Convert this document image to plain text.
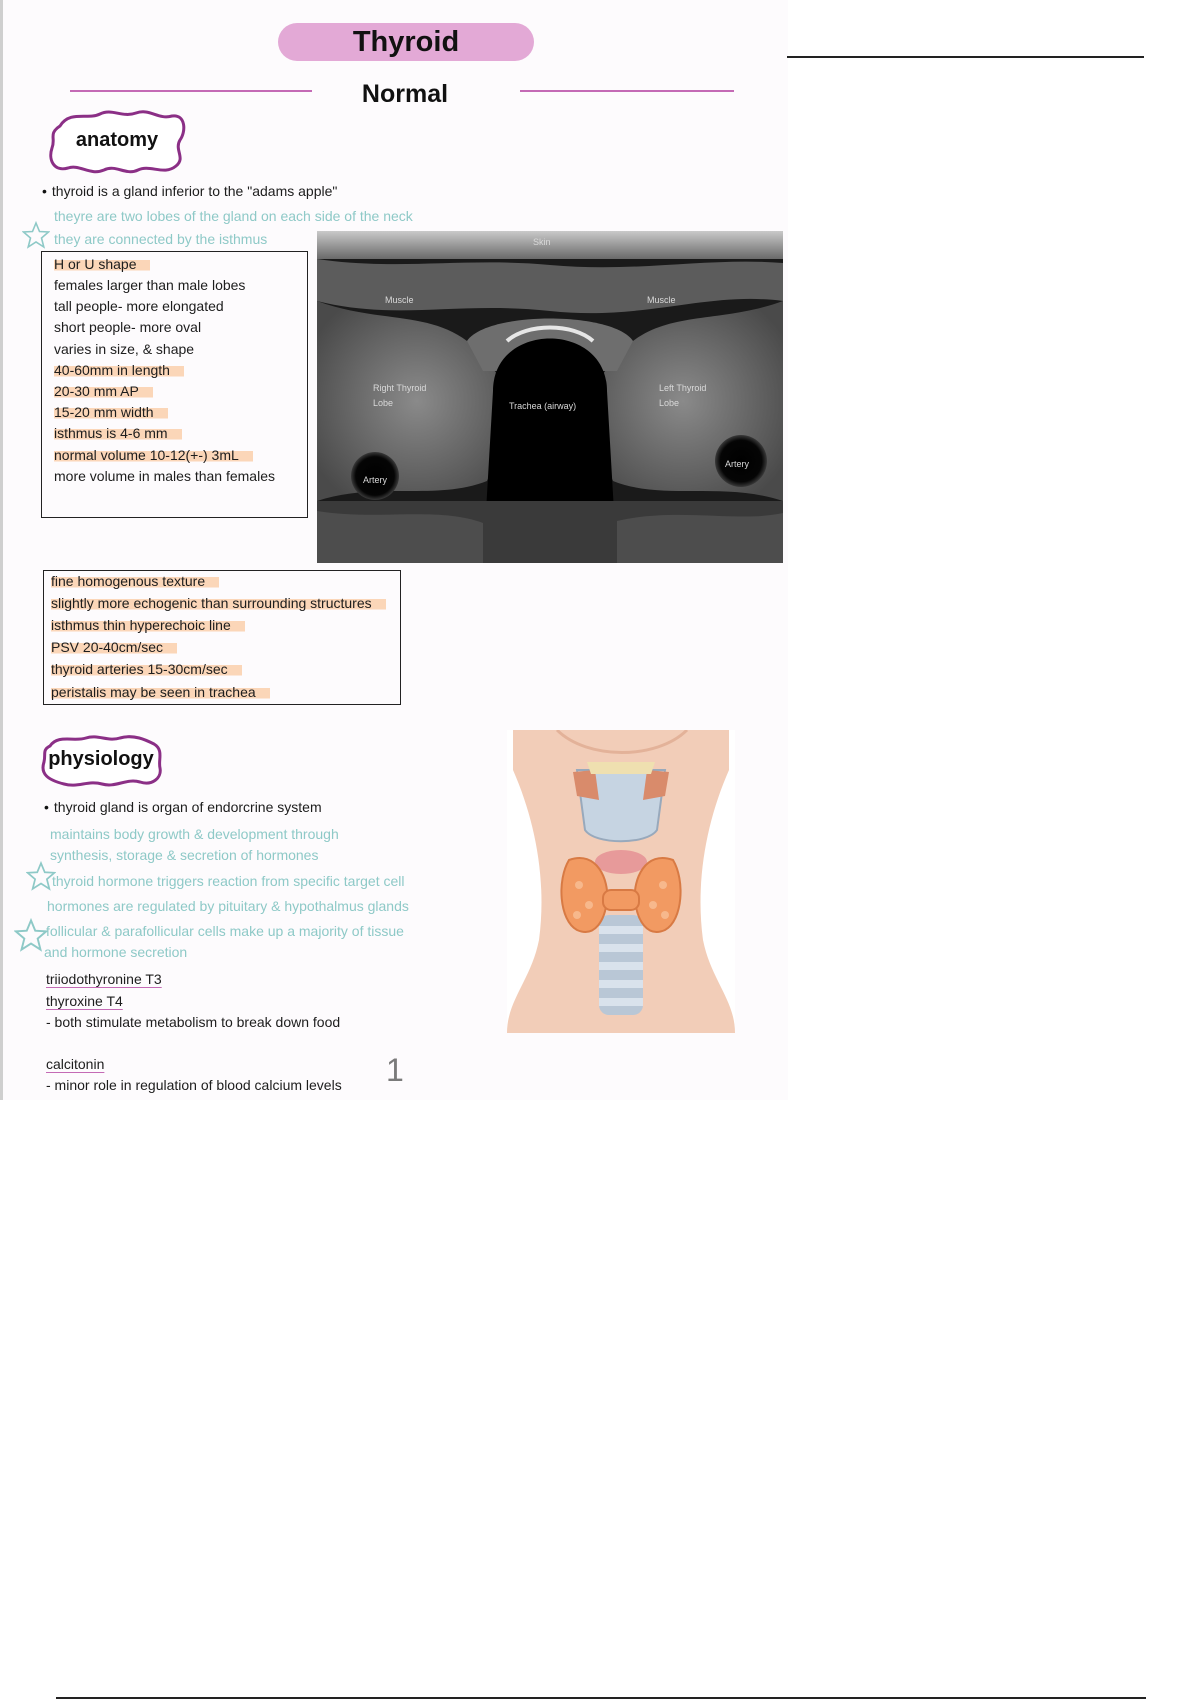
Thyroid
Normal
anatomy
• thyroid is a gland inferior to the "adams apple"
theyre are two lobes of the gland on each side of the neck
they are connected by the isthmus
H or U shape
females larger than male lobes
tall people- more elongated
short people- more oval
varies in size, & shape
40-60mm in length
20-30 mm AP
15-20 mm width
isthmus is 4-6 mm
normal volume 10-12(+-) 3mL
more volume in males than females
Skin
Muscle	Muscle
Right Thyroid
Lobe	Trachea (airway)
Left Thyroid
Lobe
Artery
Artery
fine homogenous texture
slightly more echogenic than surrounding structures
isthmus thin hyperechoic line
PSV 20-40cm/sec
thyroid arteries 15-30cm/sec
peristalis may be seen in trachea
physiology
• thyroid gland is organ of endorcrine system
maintains body growth & development through
synthesis, storage & secretion of hormones
thyroid hormone triggers reaction from specific target cell
hormones are regulated by pituitary & hypothalmus glands
follicular & parafollicular cells make up a majority of tissue
and hormone secretion
triiodothyronine T3
thyroxine T4
- both stimulate metabolism to break down food
calcitonin
- minor role in regulation of blood calcium levels 1
